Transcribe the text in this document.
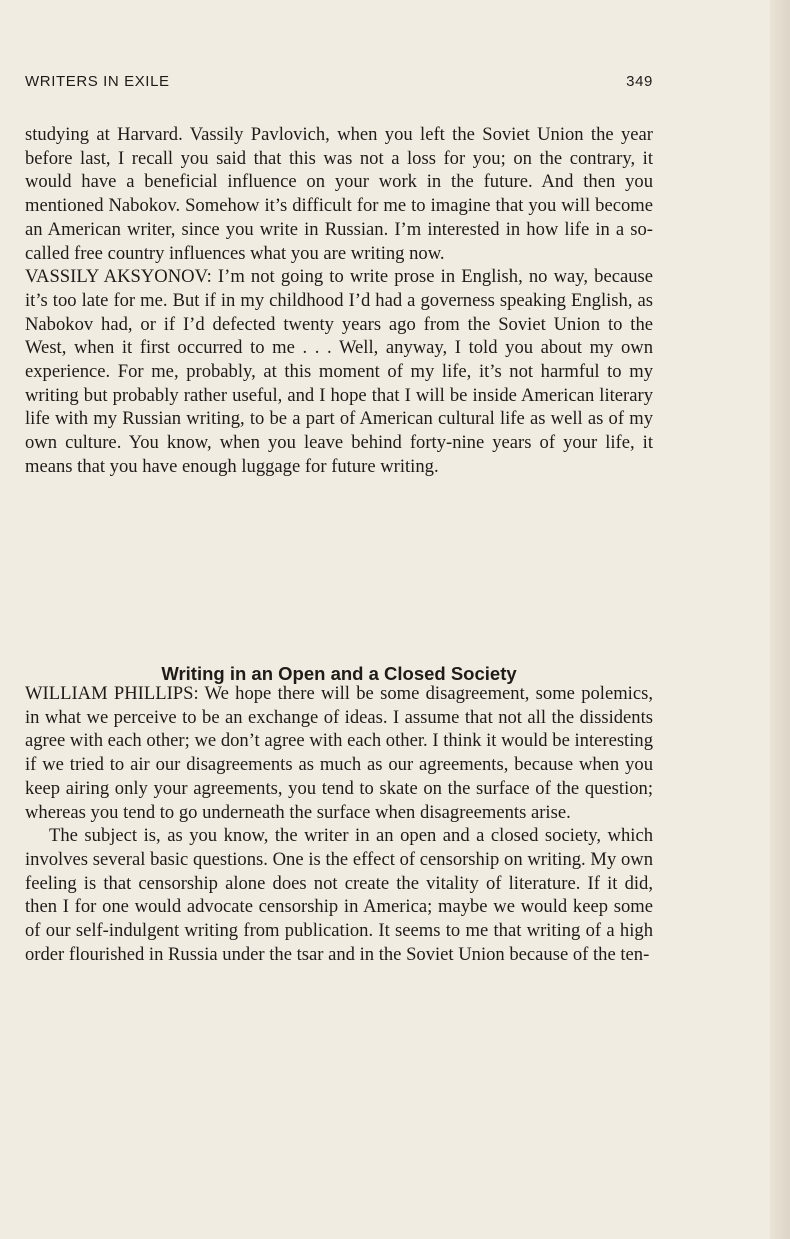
WRITERS IN EXILE	349

studying at Harvard. Vassily Pavlovich, when you left the Soviet Union the year before last, I recall you said that this was not a loss for you; on the contrary, it would have a beneficial influence on your work in the future. And then you mentioned Nabokov. Somehow it’s difficult for me to imagine that you will become an American writer, since you write in Russian. I’m interested in how life in a so-called free country influences what you are writing now.

VASSILY AKSYONOV: I’m not going to write prose in English, no way, because it’s too late for me. But if in my childhood I’d had a governess speaking English, as Nabokov had, or if I’d defected twenty years ago from the Soviet Union to the West, when it first occurred to me . . . Well, anyway, I told you about my own experience. For me, probably, at this moment of my life, it’s not harmful to my writing but probably rather useful, and I hope that I will be inside American literary life with my Russian writing, to be a part of American cultural life as well as of my own culture. You know, when you leave behind forty-nine years of your life, it means that you have enough luggage for future writing.

Writing in an Open and a Closed Society

WILLIAM PHILLIPS: We hope there will be some disagreement, some polemics, in what we perceive to be an exchange of ideas. I assume that not all the dissidents agree with each other; we don’t agree with each other. I think it would be interesting if we tried to air our disagreements as much as our agreements, because when you keep airing only your agreements, you tend to skate on the surface of the question; whereas you tend to go underneath the surface when disagreements arise.

The subject is, as you know, the writer in an open and a closed society, which involves several basic questions. One is the effect of censorship on writing. My own feeling is that censorship alone does not create the vitality of literature. If it did, then I for one would advocate censorship in America; maybe we would keep some of our self-indulgent writing from publication. It seems to me that writing of a high order flourished in Russia under the tsar and in the Soviet Union because of the ten-
